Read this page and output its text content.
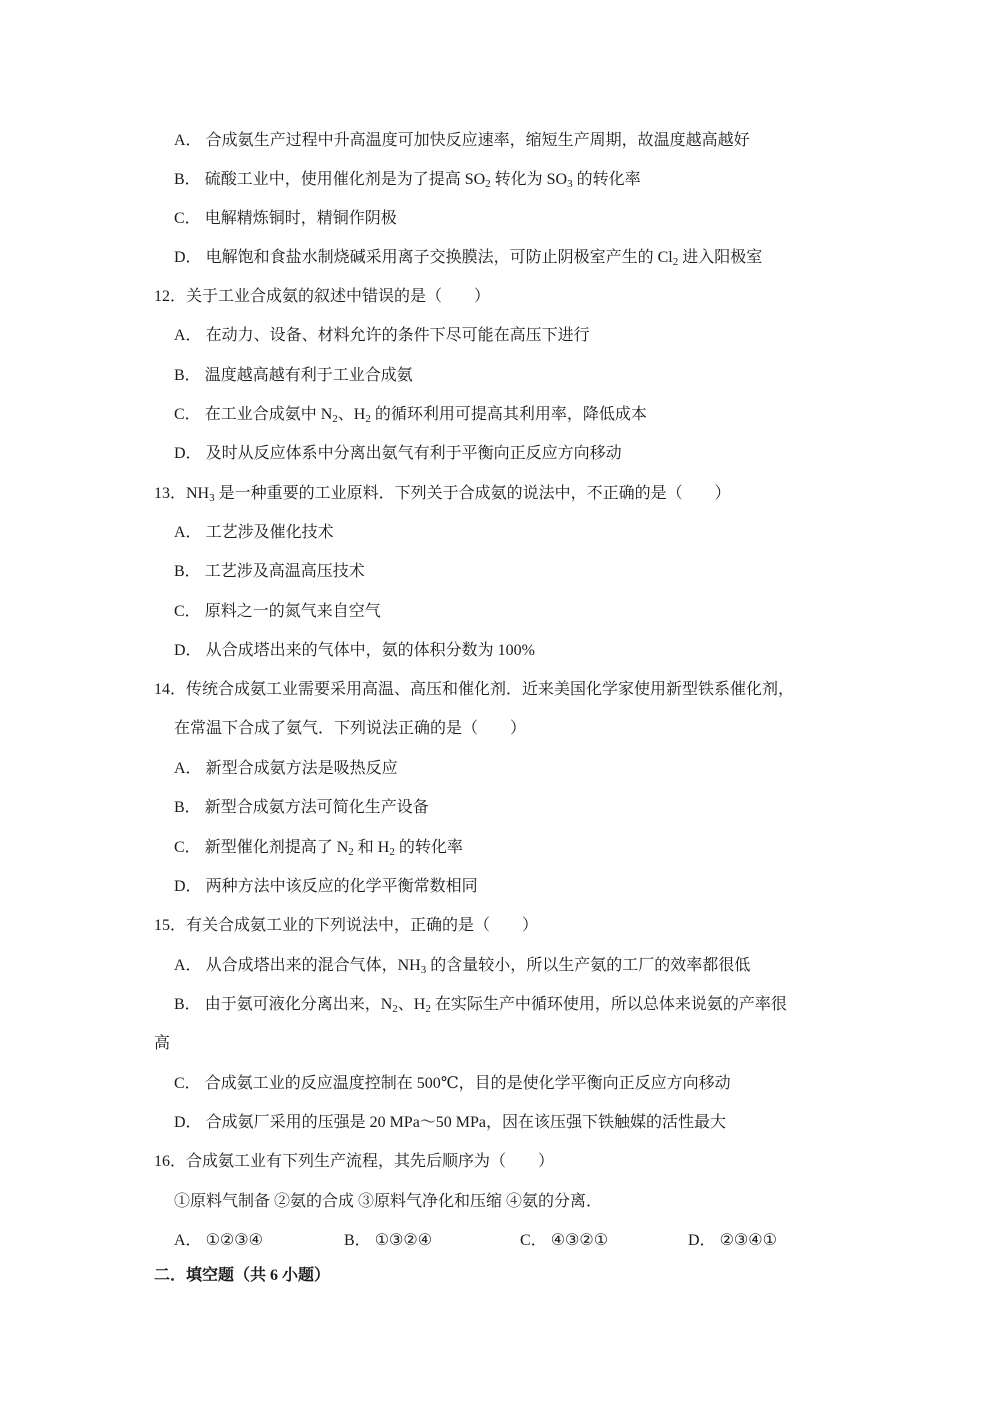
A． 合成氨生产过程中升高温度可加快反应速率，缩短生产周期，故温度越高越好
B． 硫酸工业中，使用催化剂是为了提高 $SO_2$ 转化为 $SO_3$ 的转化率
C． 电解精炼铜时，精铜作阴极
D． 电解饱和食盐水制烧碱采用离子交换膜法，可防止阴极室产生的 $Cl_2$ 进入阳极室
12．关于工业合成氨的叙述中错误的是（　　）
A． 在动力、设备、材料允许的条件下尽可能在高压下进行
B． 温度越高越有利于工业合成氨
C． 在工业合成氨中 $N_2$、$H_2$ 的循环利用可提高其利用率，降低成本
D． 及时从反应体系中分离出氨气有利于平衡向正反应方向移动
13．$NH_3$ 是一种重要的工业原料．下列关于合成氨的说法中，不正确的是（　　）
A． 工艺涉及催化技术
B． 工艺涉及高温高压技术
C． 原料之一的氮气来自空气
D． 从合成塔出来的气体中，氨的体积分数为 100%
14．传统合成氨工业需要采用高温、高压和催化剂．近来美国化学家使用新型铁系催化剂，
在常温下合成了氨气．下列说法正确的是（　　）
A． 新型合成氨方法是吸热反应
B． 新型合成氨方法可简化生产设备
C． 新型催化剂提高了 $N_2$ 和 $H_2$ 的转化率
D． 两种方法中该反应的化学平衡常数相同
15．有关合成氨工业的下列说法中，正确的是（　　）
A． 从合成塔出来的混合气体，$NH_3$ 的含量较小，所以生产氨的工厂的效率都很低
B． 由于氨可液化分离出来，$N_2$、$H_2$ 在实际生产中循环使用，所以总体来说氨的产率很
高
C． 合成氨工业的反应温度控制在 500℃，目的是使化学平衡向正反应方向移动
D． 合成氨厂采用的压强是 20 MPa～50 MPa，因在该压强下铁触媒的活性最大
16．合成氨工业有下列生产流程，其先后顺序为（　　）
①原料气制备 ②氨的合成 ③原料气净化和压缩 ④氨的分离．
A． ①②③④	B． ①③②④	C． ④③②①	D． ②③④①
二．填空题（共 6 小题）
